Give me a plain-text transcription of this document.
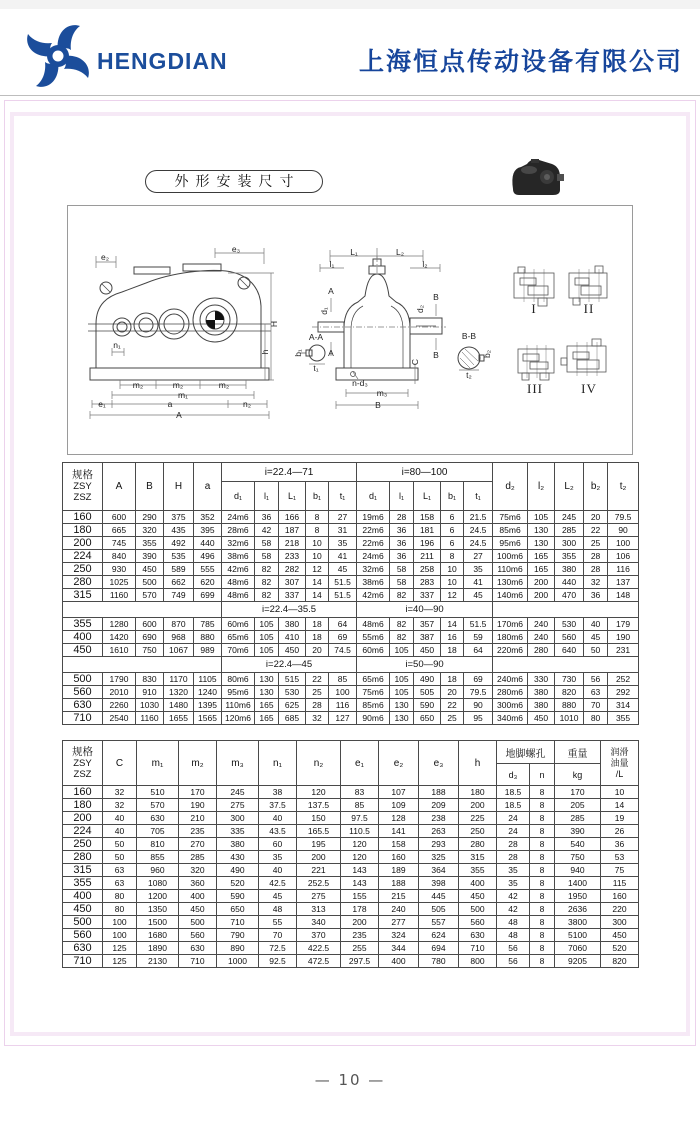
HENGDIAN	上海恒点传动设备有限公司
外形安装尺寸
e₂
e₃
H
h
n₁
m₂	m₂	m₂
m₁
e₁	a	n₂
A
L₁	L₂
l₁	l₂
A
B
d₁	d₂
A	B
C
n-d₃
m₃
B
A-A
b₁
t₁
B-B
b₂
t₂
I	II
III	IV
规格
ZSY
ZSZ	A	B	H	a	i=22.4—71					i=80—100					d₂	l₂	L₂	b₂	t₂
					d₁	l₁	L₁	b₁	t₁	d₁	l₁	L₁	b₁	t₁					
160	600	290	375	352	24m6	36	166	8	27	19m6	28	158	6	21.5	75m6	105	245	20	79.5
180	665	320	435	395	28m6	42	187	8	31	22m6	36	181	6	24.5	85m6	130	285	22	90
200	745	355	492	440	32m6	58	218	10	35	22m6	36	196	6	24.5	95m6	130	300	25	100
224	840	390	535	496	38m6	58	233	10	41	24m6	36	211	8	27	100m6	165	355	28	106
250	930	450	589	555	42m6	82	282	12	45	32m6	58	258	10	35	110m6	165	380	28	116
280	1025	500	662	620	48m6	82	307	14	51.5	38m6	58	283	10	41	130m6	200	440	32	137
315	1160	570	749	699	48m6	82	337	14	51.5	42m6	82	337	12	45	140m6	200	470	36	148
					i=22.4—35.5					i=40—90									
355	1280	600	870	785	60m6	105	380	18	64	48m6	82	357	14	51.5	170m6	240	530	40	179
400	1420	690	968	880	65m6	105	410	18	69	55m6	82	387	16	59	180m6	240	560	45	190
450	1610	750	1067	989	70m6	105	450	20	74.5	60m6	105	450	18	64	220m6	280	640	50	231
					i=22.4—45					i=50—90									
500	1790	830	1170	1105	80m6	130	515	22	85	65m6	105	490	18	69	240m6	330	730	56	252
560	2010	910	1320	1240	95m6	130	530	25	100	75m6	105	505	20	79.5	280m6	380	820	63	292
630	2260	1030	1480	1395	110m6	165	625	28	116	85m6	130	590	22	90	300m6	380	880	70	314
710	2540	1160	1655	1565	120m6	165	685	32	127	90m6	130	650	25	95	340m6	450	1010	80	355
规格
ZSY
ZSZ
	C	m₁	m₂	m₃	n₁	n₂	e₁	e₂	e₃	h	地脚螺孔	重量	润滑
油量
/L

											d₃	n	kg	
160	32	510	170	245	38	120	83	107	188	180	18.5	8	170	10
180	32	570	190	275	37.5	137.5	85	109	209	200	18.5	8	205	14
200	40	630	210	300	40	150	97.5	128	238	225	24	8	285	19
224	40	705	235	335	43.5	165.5	110.5	141	263	250	24	8	390	26
250	50	810	270	380	60	195	120	158	293	280	28	8	540	36
280	50	855	285	430	35	200	120	160	325	315	28	8	750	53
315	63	960	320	490	40	221	143	189	364	355	35	8	940	75
355	63	1080	360	520	42.5	252.5	143	188	398	400	35	8	1400	115
400	80	1200	400	590	45	275	155	215	445	450	42	8	1950	160
450	80	1350	450	650	48	313	178	240	505	500	42	8	2636	220
500	100	1500	500	710	55	340	200	277	557	560	48	8	3800	300
560	100	1680	560	790	70	370	235	324	624	630	48	8	5100	450
630	125	1890	630	890	72.5	422.5	255	344	694	710	56	8	7060	520
710	125	2130	710	1000	92.5	472.5	297.5	400	780	800	56	8	9205	820
— 10 —
